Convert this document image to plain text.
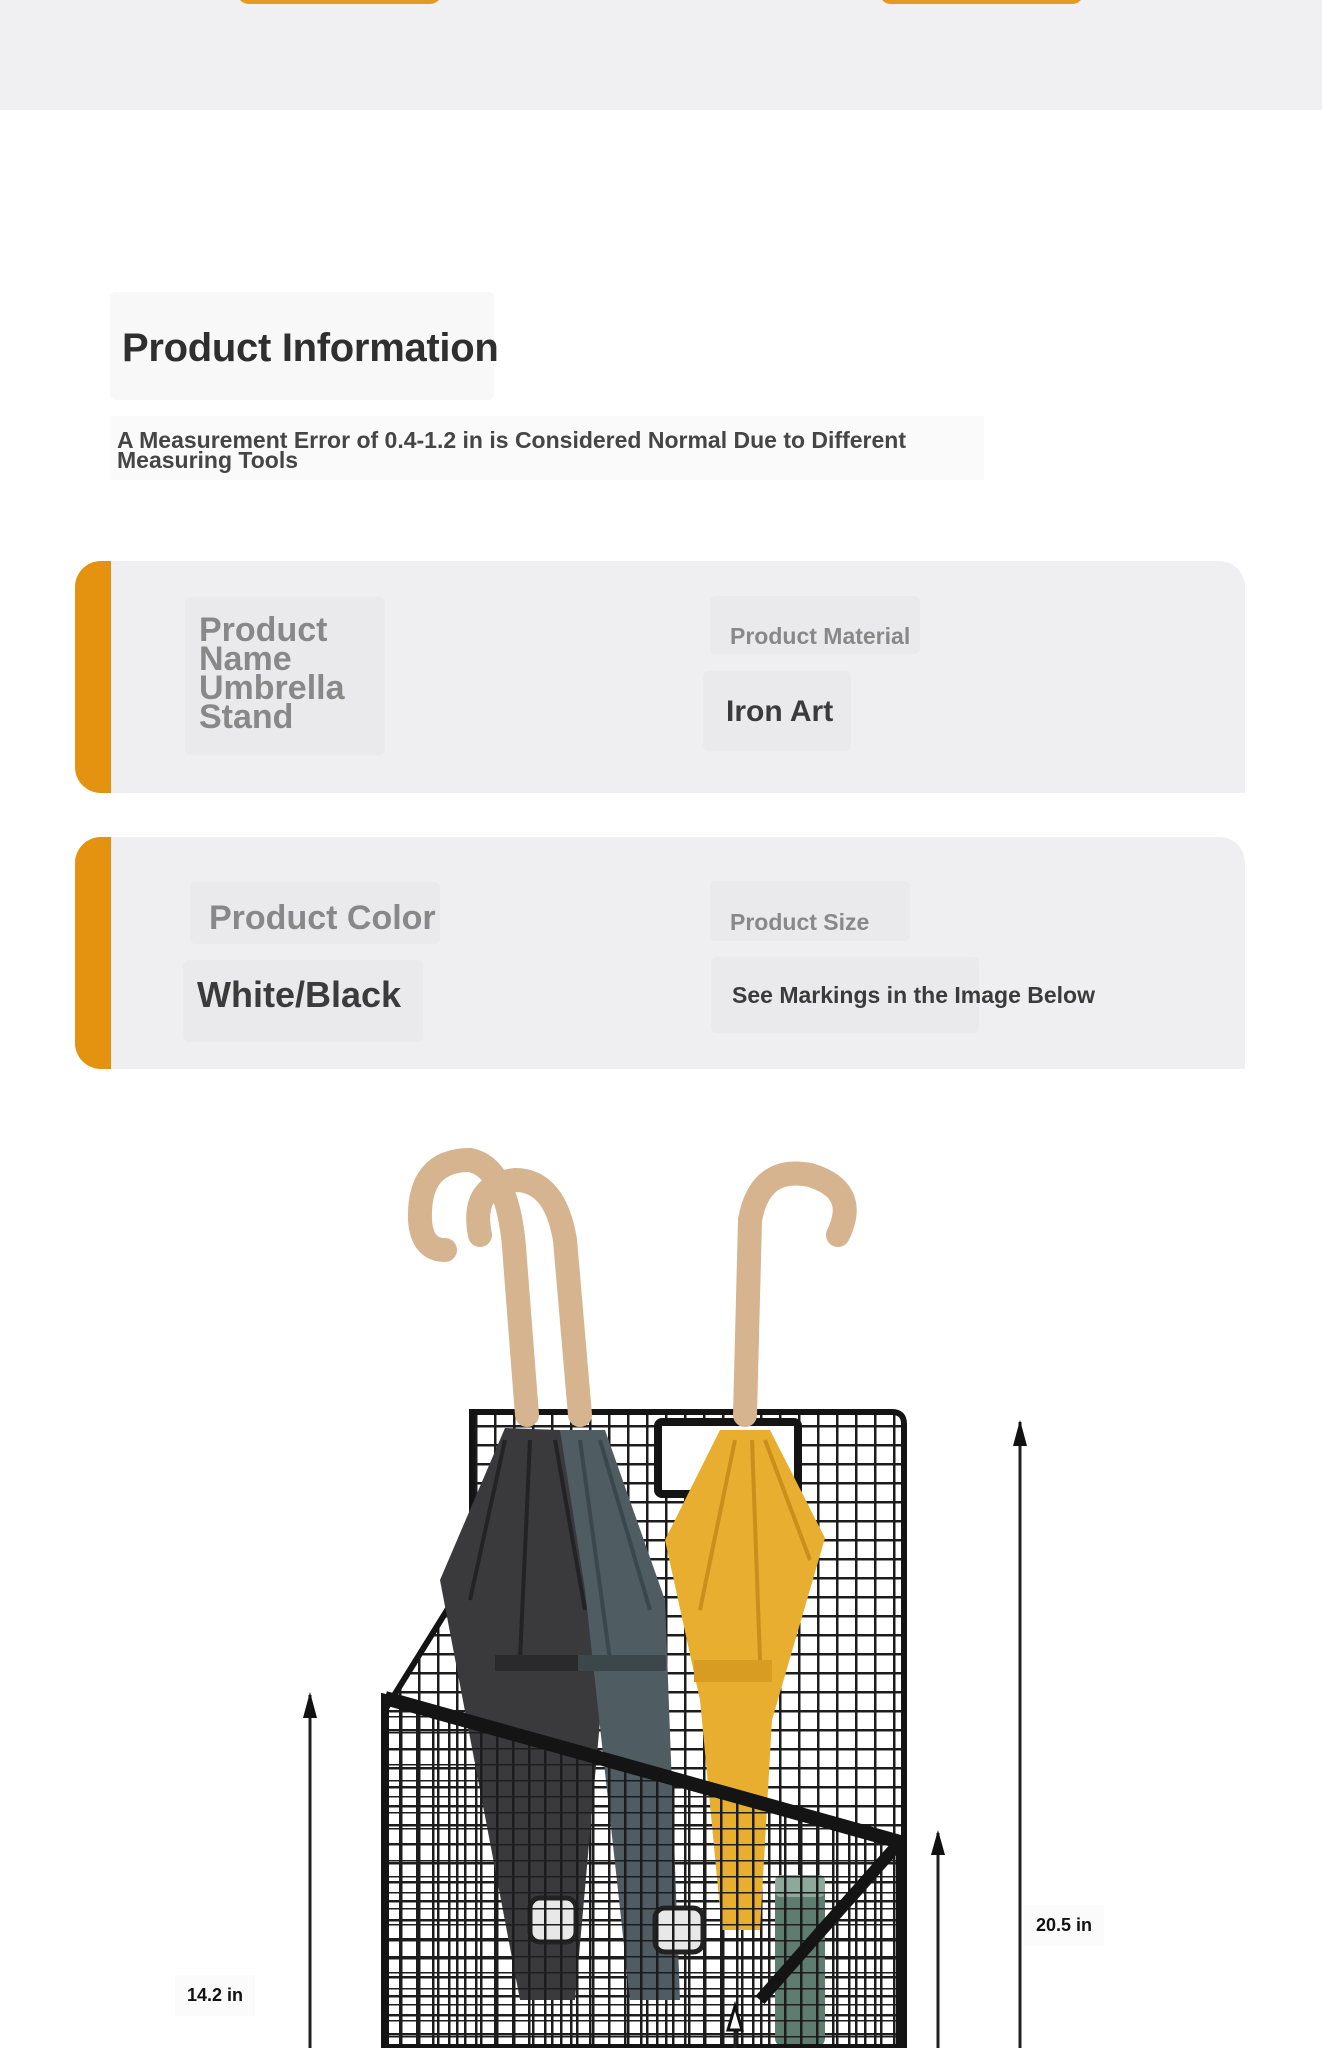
Product Information

A Measurement Error of 0.4-1.2 in is Considered Normal Due to Different Measuring Tools

Product Name Umbrella Stand

Product Material
Iron Art
Product Color
White/Black
Product Size
See Markings in the Image Below
20.5 in
14.2 in
